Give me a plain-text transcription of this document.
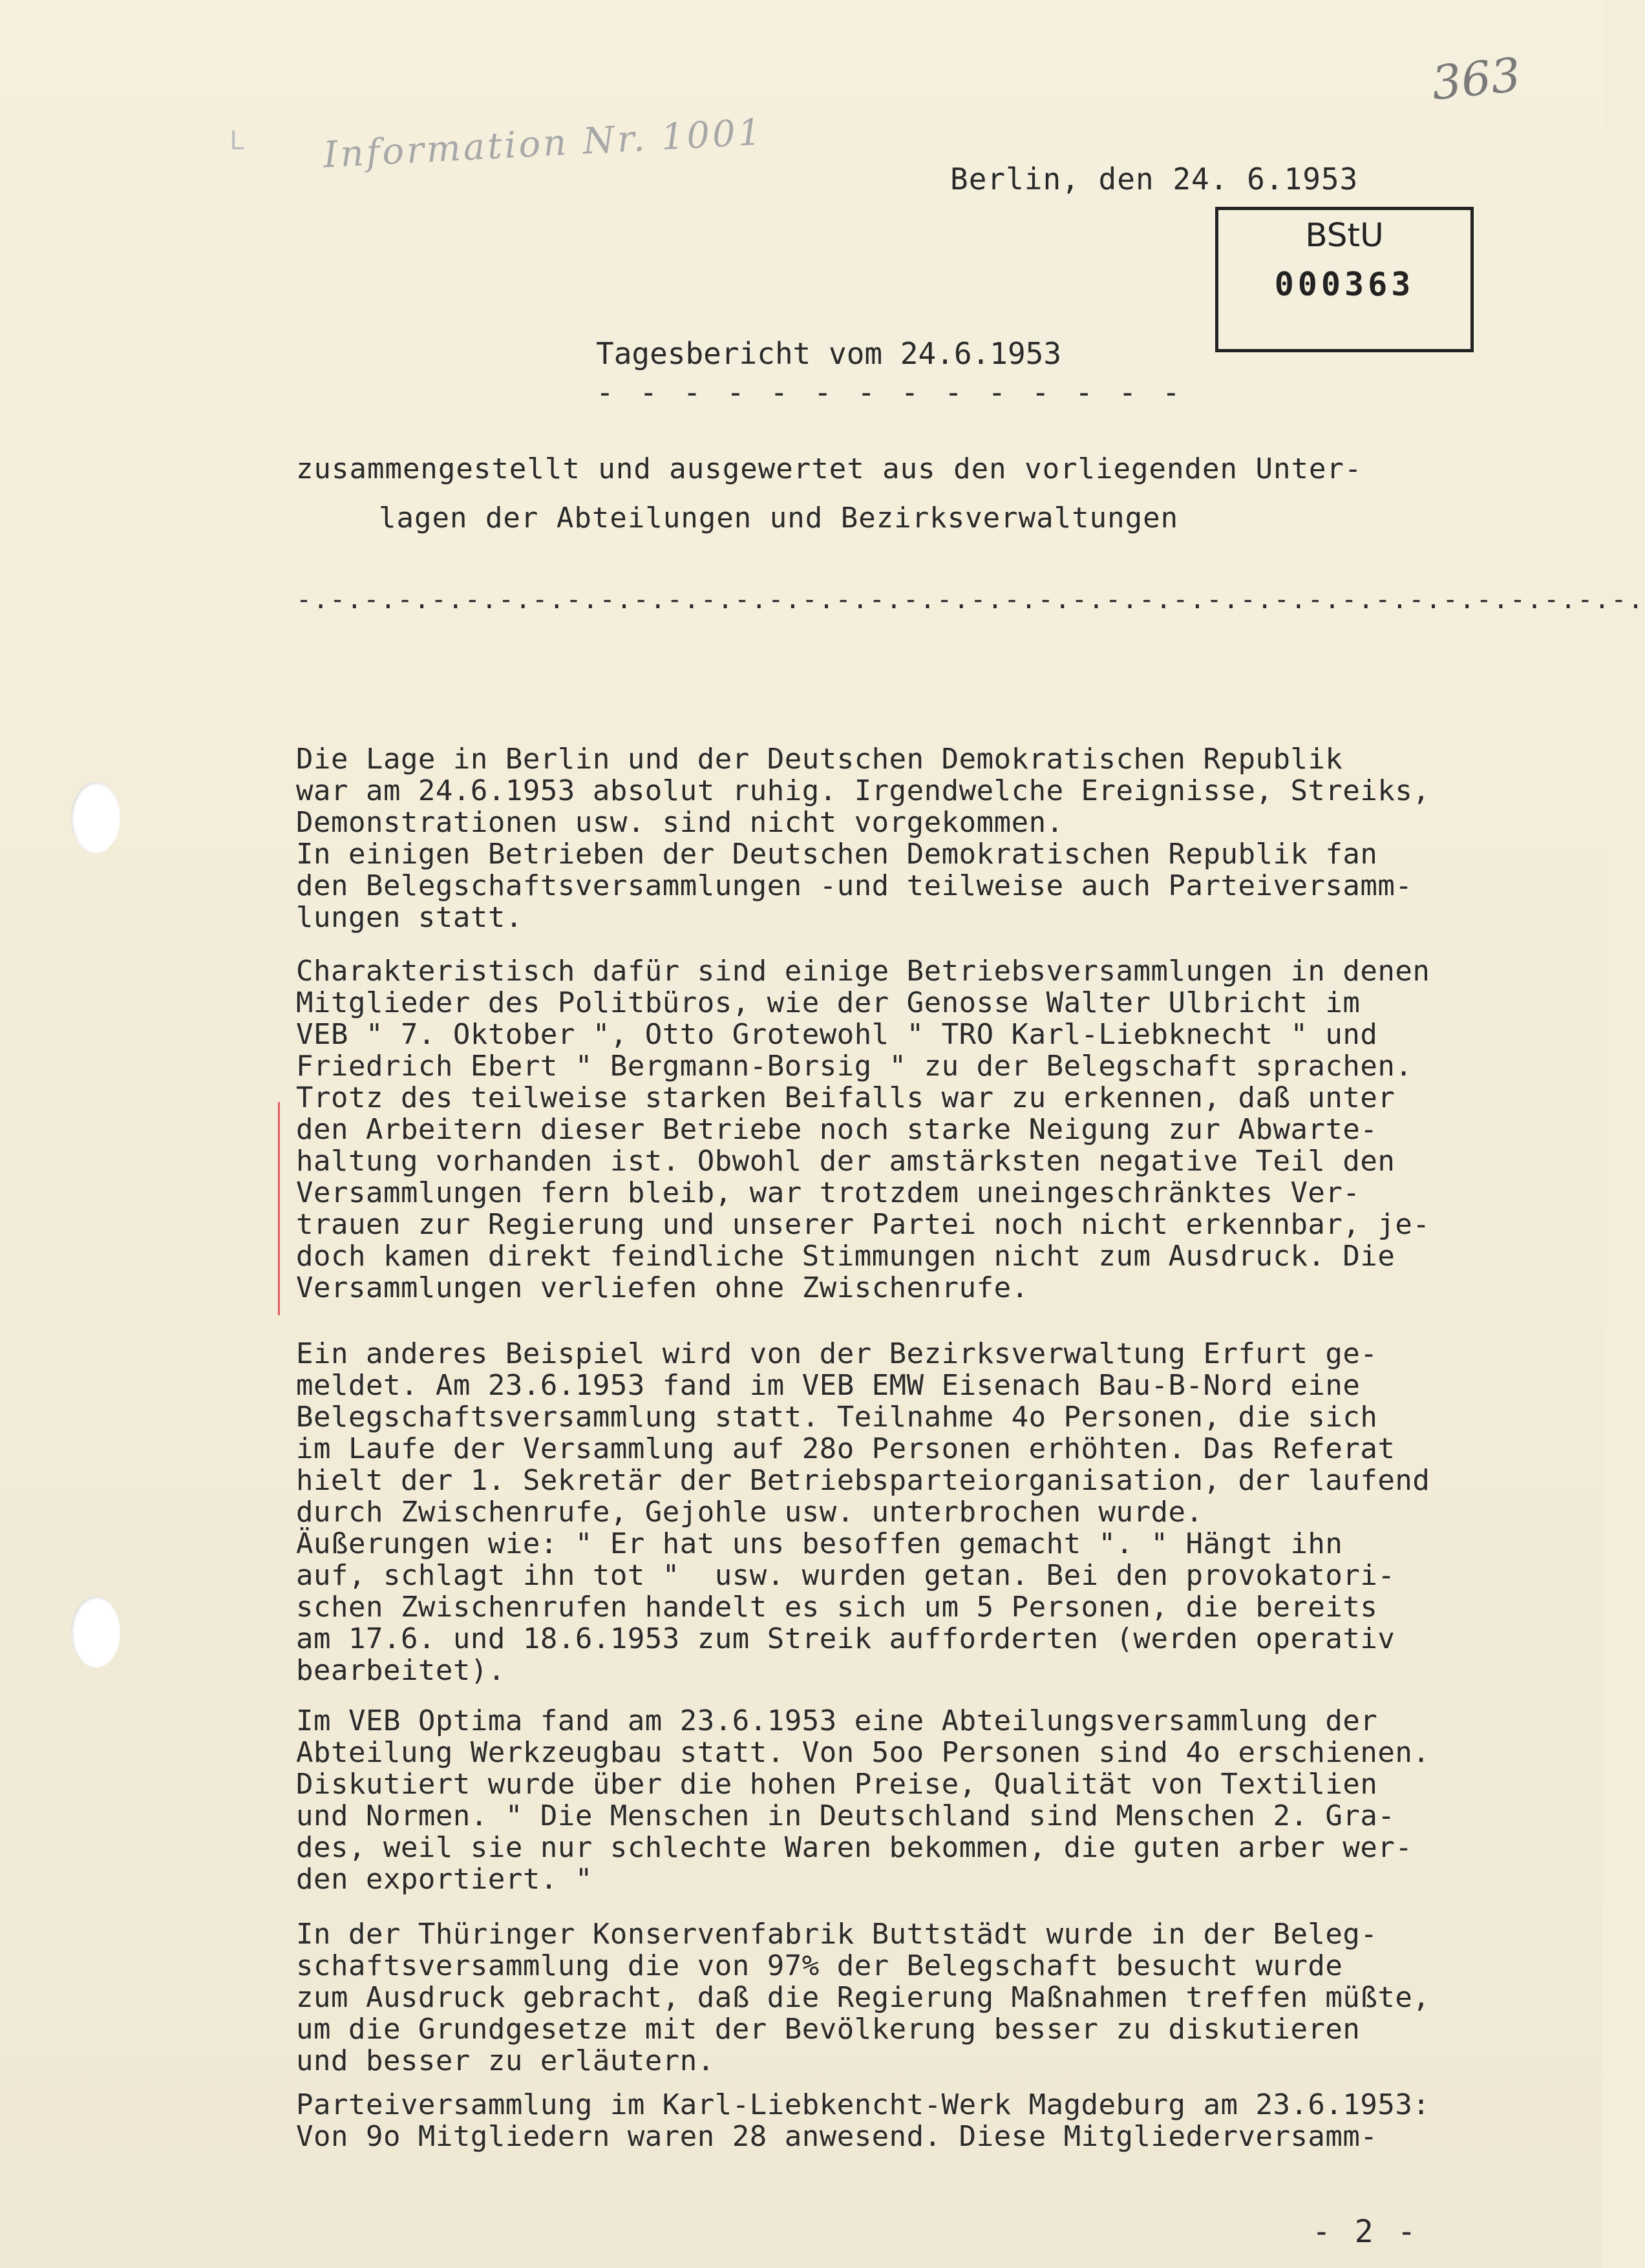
363
L Information Nr. 1001
Berlin, den 24. 6.1953
BStU
000363
Tagesbericht vom 24.6.1953
- - - - - - - - - - - - - -
zusammengestellt und ausgewertet aus den vorliegenden Unter-
lagen der Abteilungen und Bezirksverwaltungen
-.-.-.-.-.-.-.-.-.-.-.-.-.-.-.-.-.-.-.-.-.-.-.-.-.-.-.-.-.-.-.-.-.-.-.-.-.-.-.-.
Die Lage in Berlin und der Deutschen Demokratischen Republik
war am 24.6.1953 absolut ruhig. Irgendwelche Ereignisse, Streiks,
Demonstrationen usw. sind nicht vorgekommen.
In einigen Betrieben der Deutschen Demokratischen Republik fan
den Belegschaftsversammlungen -und teilweise auch Parteiversamm-
lungen statt.
Charakteristisch dafür sind einige Betriebsversammlungen in denen
Mitglieder des Politbüros, wie der Genosse Walter Ulbricht im
VEB " 7. Oktober ", Otto Grotewohl " TRO Karl-Liebknecht " und
Friedrich Ebert " Bergmann-Borsig " zu der Belegschaft sprachen.
Trotz des teilweise starken Beifalls war zu erkennen, daß unter
den Arbeitern dieser Betriebe noch starke Neigung zur Abwarte-
haltung vorhanden ist. Obwohl der amstärksten negative Teil den
Versammlungen fern bleib, war trotzdem uneingeschränktes Ver-
trauen zur Regierung und unserer Partei noch nicht erkennbar, je-
doch kamen direkt feindliche Stimmungen nicht zum Ausdruck. Die
Versammlungen verliefen ohne Zwischenrufe.
Ein anderes Beispiel wird von der Bezirksverwaltung Erfurt ge-
meldet. Am 23.6.1953 fand im VEB EMW Eisenach Bau-B-Nord eine
Belegschaftsversammlung statt. Teilnahme 4o Personen, die sich
im Laufe der Versammlung auf 28o Personen erhöhten. Das Referat
hielt der 1. Sekretär der Betriebsparteiorganisation, der laufend
durch Zwischenrufe, Gejohle usw. unterbrochen wurde.
Äußerungen wie: " Er hat uns besoffen gemacht ". " Hängt ihn
auf, schlagt ihn tot "  usw. wurden getan. Bei den provokatori-
schen Zwischenrufen handelt es sich um 5 Personen, die bereits
am 17.6. und 18.6.1953 zum Streik aufforderten (werden operativ
bearbeitet).
Im VEB Optima fand am 23.6.1953 eine Abteilungsversammlung der
Abteilung Werkzeugbau statt. Von 5oo Personen sind 4o erschienen.
Diskutiert wurde über die hohen Preise, Qualität von Textilien
und Normen. " Die Menschen in Deutschland sind Menschen 2. Gra-
des, weil sie nur schlechte Waren bekommen, die guten arber wer-
den exportiert. "
In der Thüringer Konservenfabrik Buttstädt wurde in der Beleg-
schaftsversammlung die von 97% der Belegschaft besucht wurde
zum Ausdruck gebracht, daß die Regierung Maßnahmen treffen müßte,
um die Grundgesetze mit der Bevölkerung besser zu diskutieren
und besser zu erläutern.
Parteiversammlung im Karl-Liebkencht-Werk Magdeburg am 23.6.1953:
Von 9o Mitgliedern waren 28 anwesend. Diese Mitgliederversamm-
- 2 -
